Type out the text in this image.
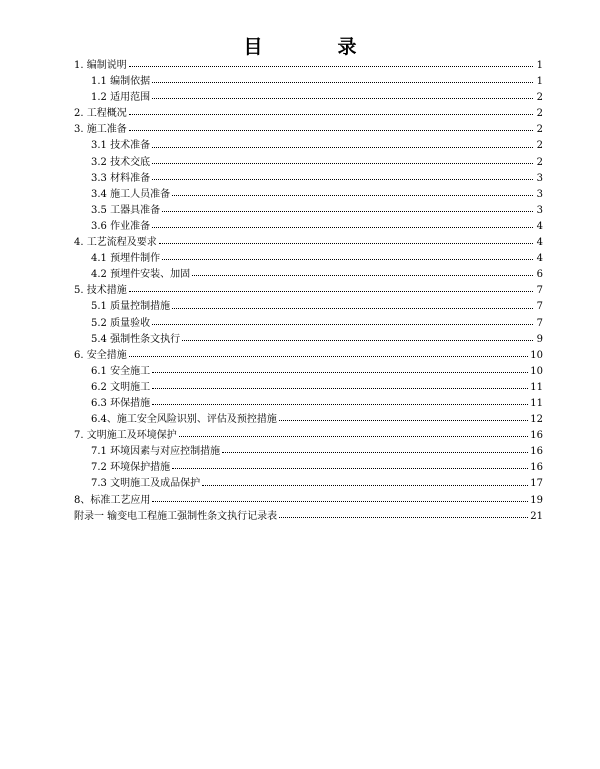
目　录
1. 编制说明	1
1.1 编制依据	1
1.2 适用范围	2
2. 工程概况	2
3. 施工准备	2
3.1 技术准备	2
3.2 技术交底	2
3.3 材料准备	3
3.4 施工人员准备	3
3.5 工器具准备	3
3.6 作业准备	4
4. 工艺流程及要求	4
4.1 预埋件制作	4
4.2 预埋件安装、加固	6
5. 技术措施	7
5.1 质量控制措施	7
5.2 质量验收	7
5.4 强制性条文执行	9
6. 安全措施	10
6.1 安全施工	10
6.2 文明施工	11
6.3 环保措施	11
6.4、施工安全风险识别、评估及预控措施	12
7. 文明施工及环境保护	16
7.1 环境因素与对应控制措施	16
7.2 环境保护措施	16
7.3 文明施工及成品保护	17
8、标准工艺应用	19
附录一 输变电工程施工强制性条文执行记录表	21
